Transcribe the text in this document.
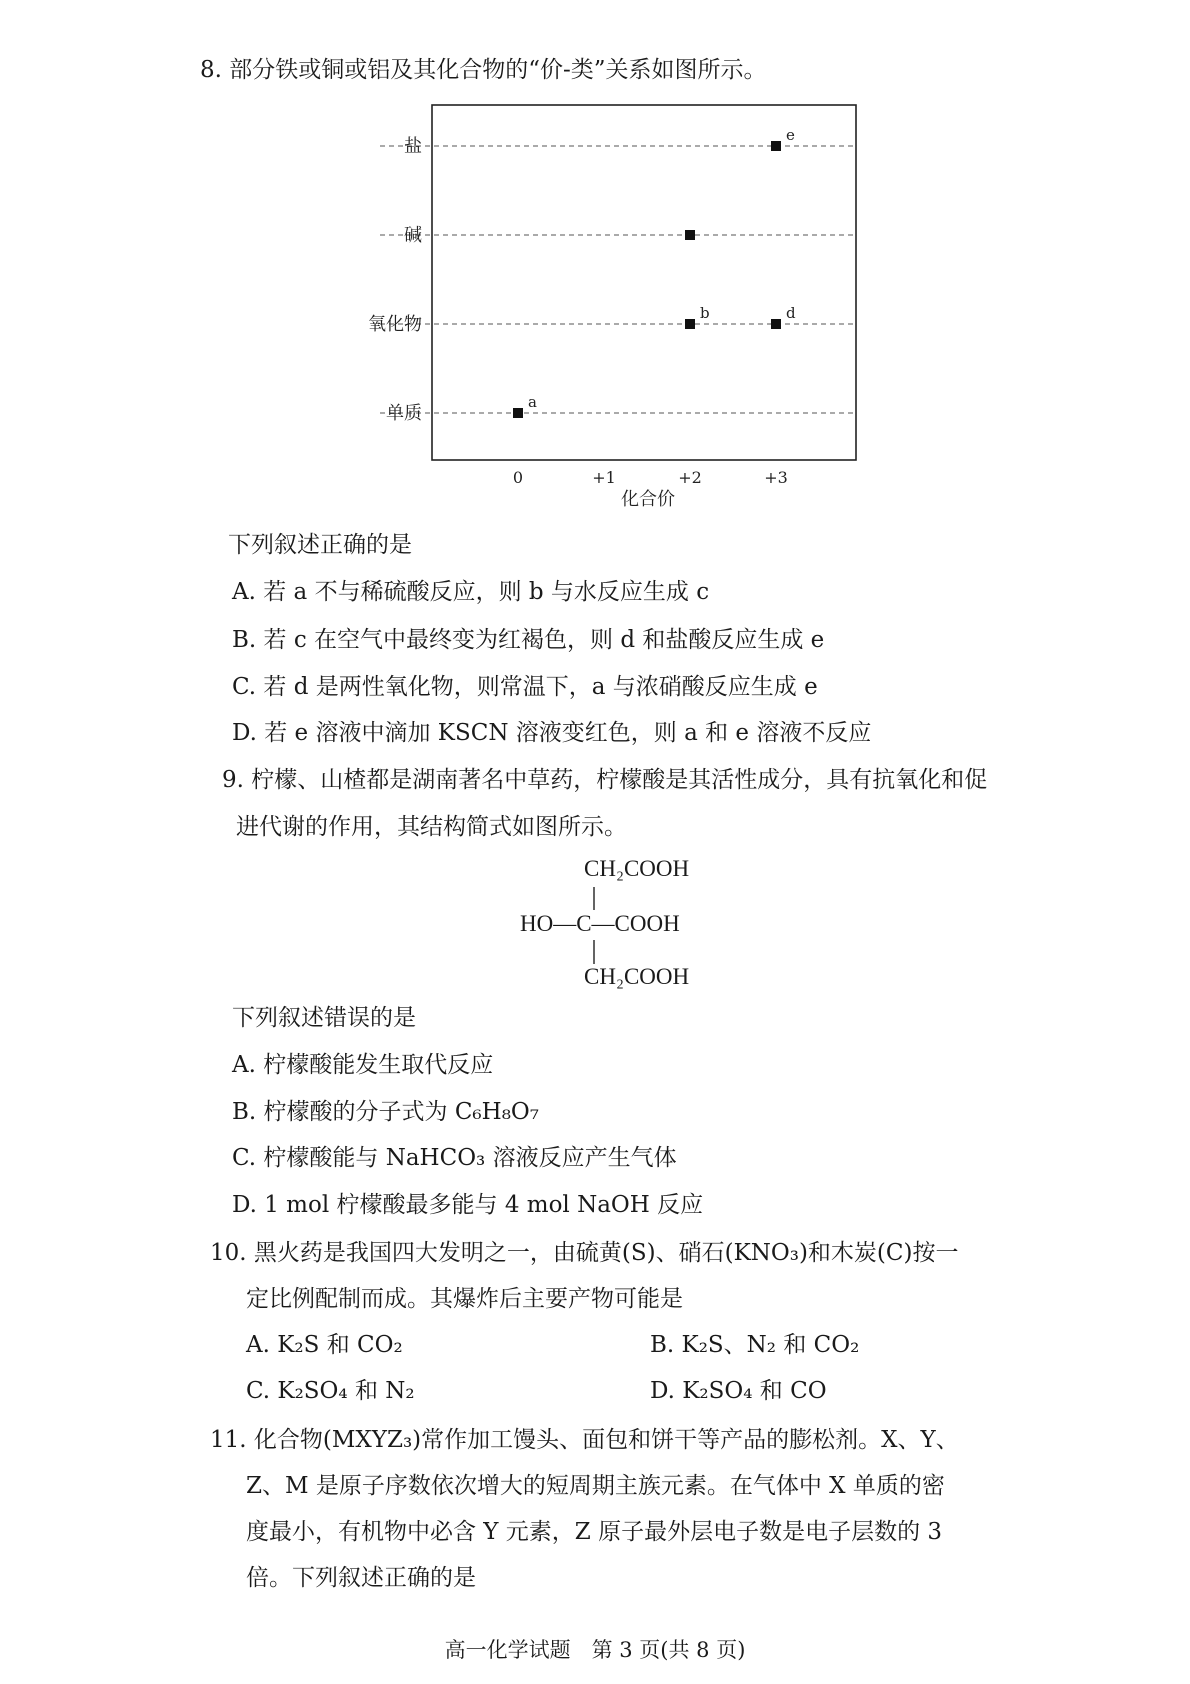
8. 部分铁或铜或铝及其化合物的“价-类”关系如图所示。
单质
氧化物
碱
盐
0	+1	+2	+3
a
b	d
e
化合价
下列叙述正确的是
A. 若 a 不与稀硫酸反应，则 b 与水反应生成 c
B. 若 c 在空气中最终变为红褐色，则 d 和盐酸反应生成 e
C. 若 d 是两性氧化物，则常温下，a 与浓硝酸反应生成 e
D. 若 e 溶液中滴加 KSCN 溶液变红色，则 a 和 e 溶液不反应
9. 柠檬、山楂都是湖南著名中草药，柠檬酸是其活性成分，具有抗氧化和促
进代谢的作用，其结构简式如图所示。
CH₂COOH
HO—C—COOH
CH₂COOH
下列叙述错误的是
A. 柠檬酸能发生取代反应
B. 柠檬酸的分子式为 C₆H₈O₇
C. 柠檬酸能与 NaHCO₃ 溶液反应产生气体
D. 1 mol 柠檬酸最多能与 4 mol NaOH 反应
10. 黑火药是我国四大发明之一，由硫黄(S)、硝石(KNO₃)和木炭(C)按一
定比例配制而成。其爆炸后主要产物可能是
A. K₂S 和 CO₂	B. K₂S、N₂ 和 CO₂
C. K₂SO₄ 和 N₂	D. K₂SO₄ 和 CO
11. 化合物(MXYZ₃)常作加工馒头、面包和饼干等产品的膨松剂。X、Y、
Z、M 是原子序数依次增大的短周期主族元素。在气体中 X 单质的密
度最小，有机物中必含 Y 元素，Z 原子最外层电子数是电子层数的 3
倍。下列叙述正确的是
高一化学试题　第 3 页(共 8 页)
